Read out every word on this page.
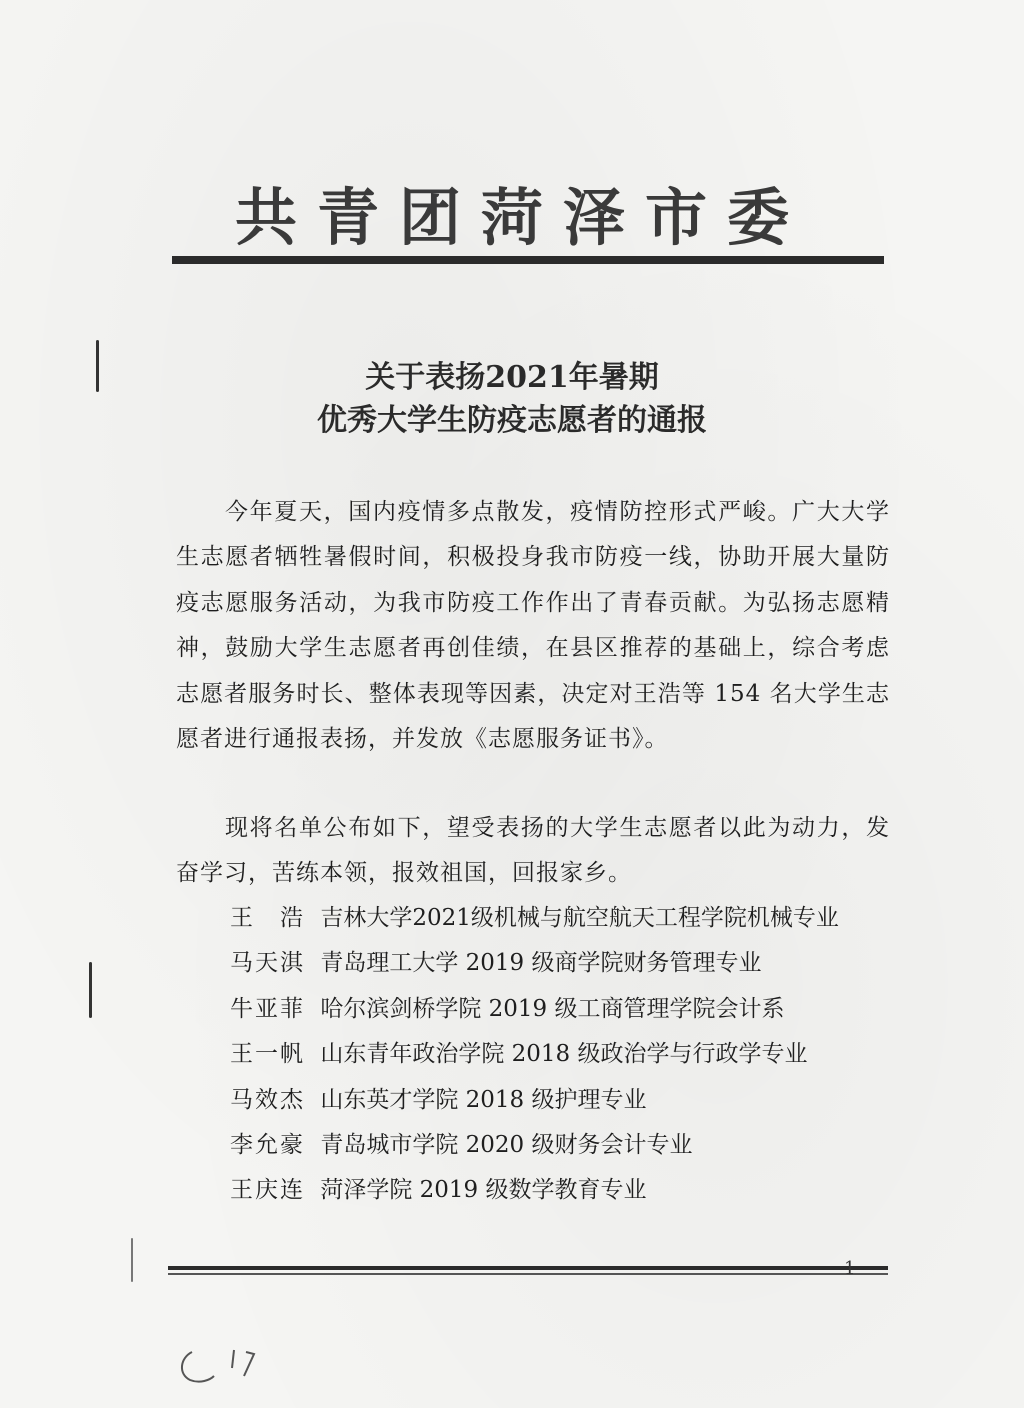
共青团菏泽市委
关于表扬2021年暑期
优秀大学生防疫志愿者的通报

今年夏天，国内疫情多点散发，疫情防控形式严峻。广大大学生志愿者牺牲暑假时间，积极投身我市防疫一线，协助开展大量防疫志愿服务活动，为我市防疫工作作出了青春贡献。为弘扬志愿精神，鼓励大学生志愿者再创佳绩，在县区推荐的基础上，综合考虑志愿者服务时长、整体表现等因素，决定对王浩等 154 名大学生志愿者进行通报表扬，并发放《志愿服务证书》。

现将名单公布如下，望受表扬的大学生志愿者以此为动力，发奋学习，苦练本领，报效祖国，回报家乡。

王　浩 吉林大学2021级机械与航空航天工程学院机械专业
马天淇 青岛理工大学 2019 级商学院财务管理专业
牛亚菲 哈尔滨剑桥学院 2019 级工商管理学院会计系
王一帆 山东青年政治学院 2018 级政治学与行政学专业
马效杰 山东英才学院 2018 级护理专业
李允豪 青岛城市学院 2020 级财务会计专业
王庆连 菏泽学院 2019 级数学教育专业
1
